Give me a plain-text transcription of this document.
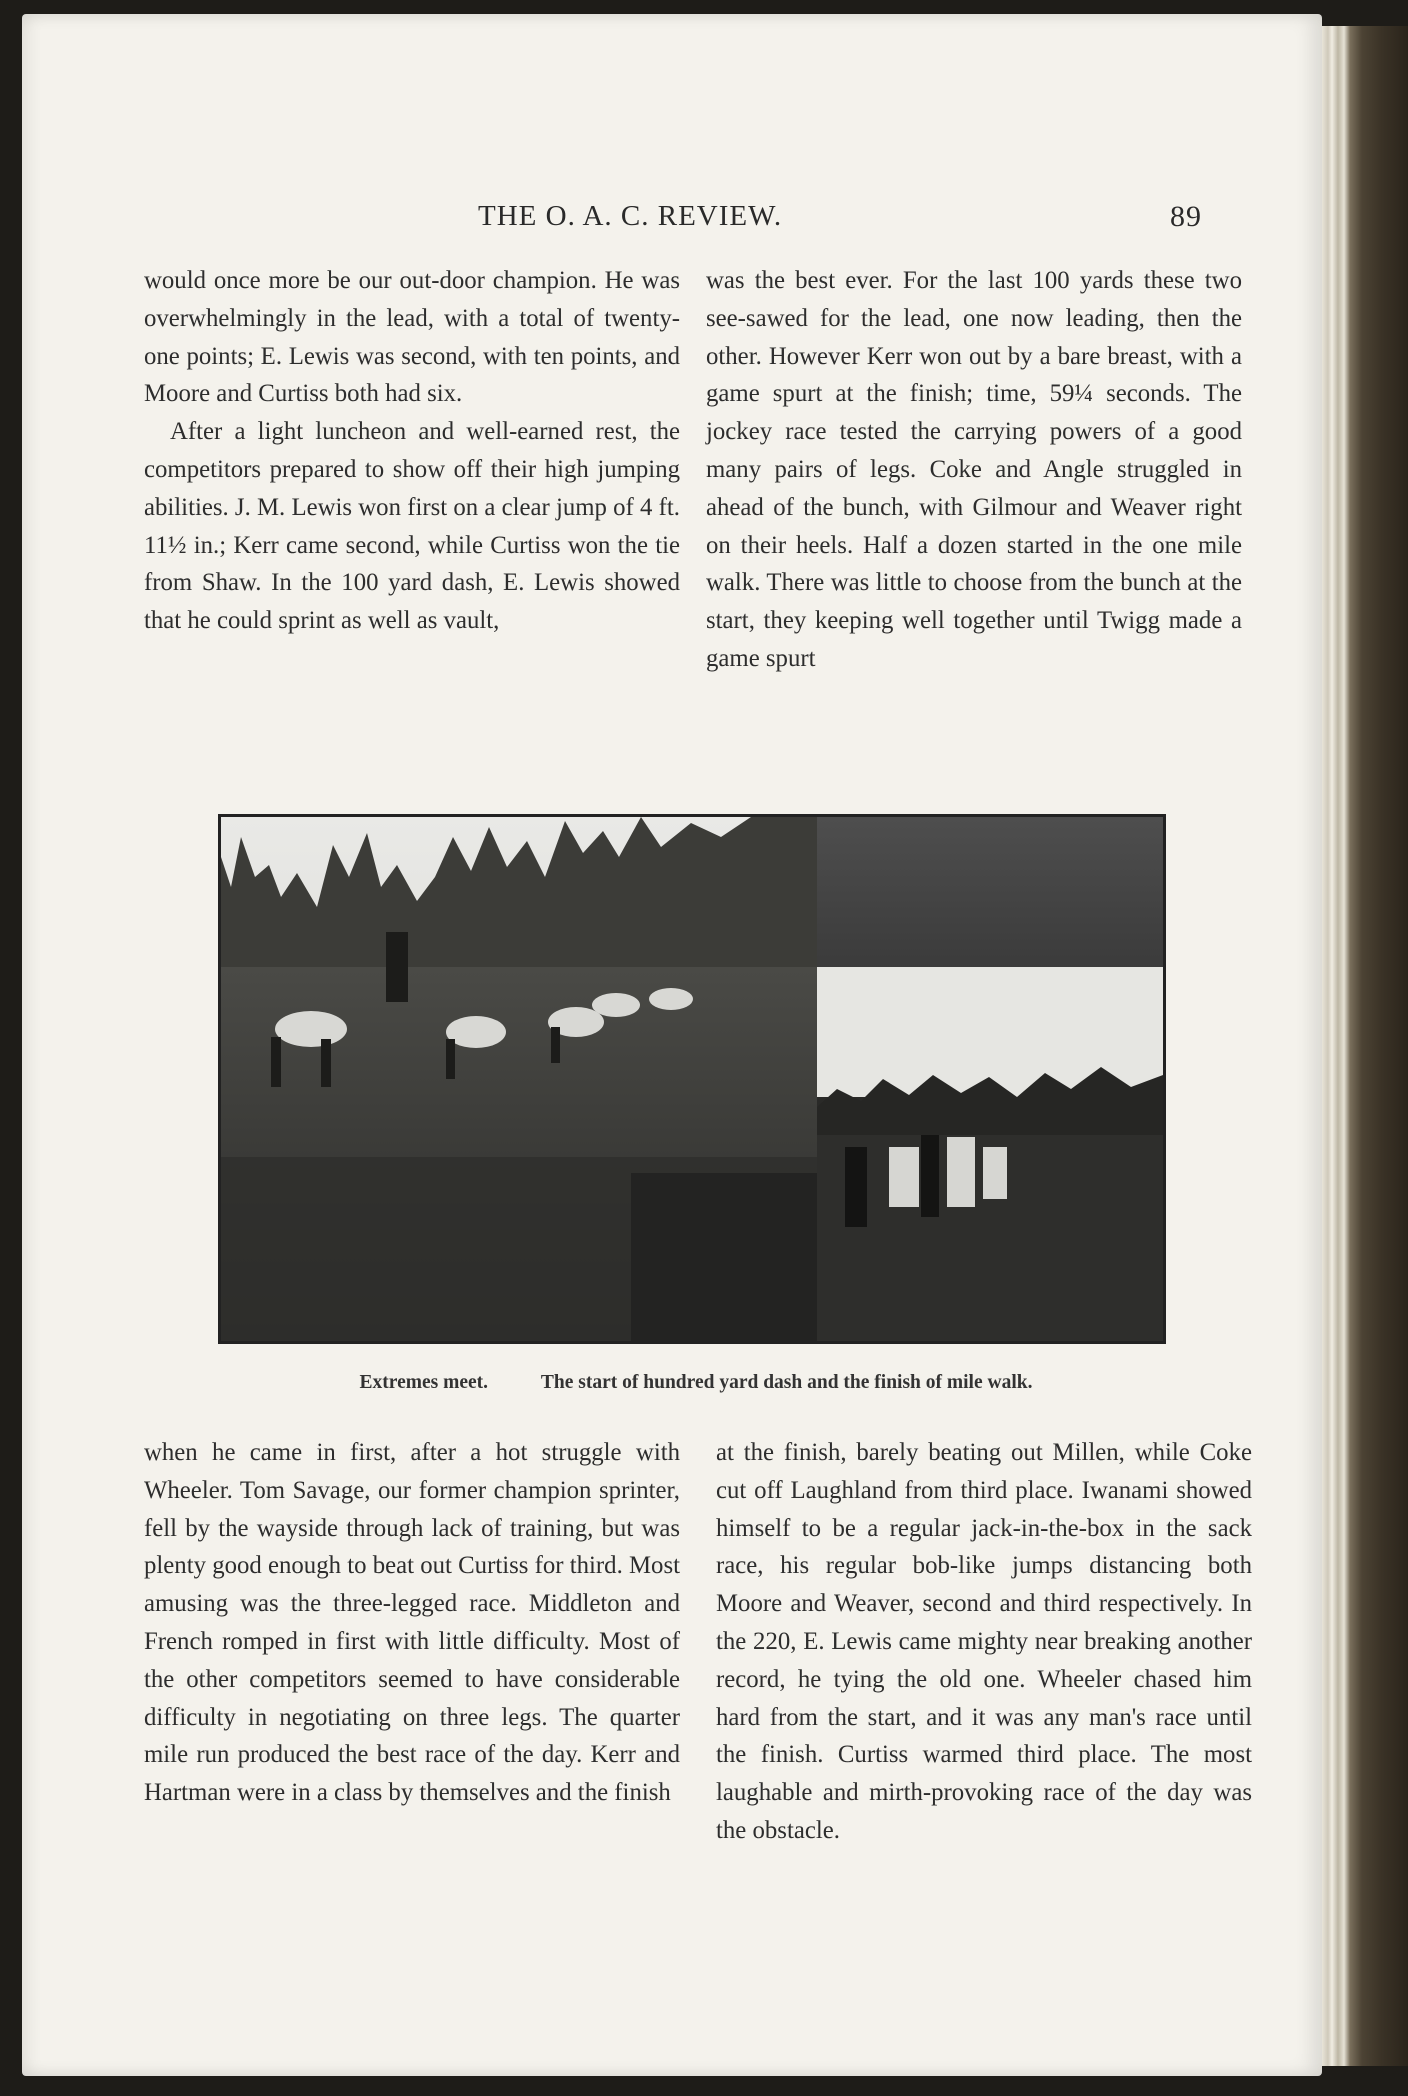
THE O. A. C. REVIEW.	89

would once more be our out-door champion. He was overwhelmingly in the lead, with a total of twenty-one points; E. Lewis was second, with ten points, and Moore and Curtiss both had six.

After a light luncheon and well-earned rest, the competitors prepared to show off their high jumping abilities. J. M. Lewis won first on a clear jump of 4 ft. 11½ in.; Kerr came second, while Curtiss won the tie from Shaw. In the 100 yard dash, E. Lewis showed that he could sprint as well as vault,

was the best ever. For the last 100 yards these two see-sawed for the lead, one now leading, then the other. However Kerr won out by a bare breast, with a game spurt at the finish; time, 59¼ seconds. The jockey race tested the carrying powers of a good many pairs of legs. Coke and Angle struggled in ahead of the bunch, with Gilmour and Weaver right on their heels. Half a dozen started in the one mile walk. There was little to choose from the bunch at the start, they keeping well together until Twigg made a game spurt

Extremes meet.	The start of hundred yard dash and the finish of mile walk.

when he came in first, after a hot struggle with Wheeler. Tom Savage, our former champion sprinter, fell by the wayside through lack of training, but was plenty good enough to beat out Curtiss for third. Most amusing was the three-legged race. Middleton and French romped in first with little difficulty. Most of the other competitors seemed to have considerable difficulty in negotiating on three legs. The quarter mile run produced the best race of the day. Kerr and Hartman were in a class by themselves and the finish

at the finish, barely beating out Millen, while Coke cut off Laughland from third place. Iwanami showed himself to be a regular jack-in-the-box in the sack race, his regular bob-like jumps distancing both Moore and Weaver, second and third respectively. In the 220, E. Lewis came mighty near breaking another record, he tying the old one. Wheeler chased him hard from the start, and it was any man's race until the finish. Curtiss warmed third place. The most laughable and mirth-provoking race of the day was the obstacle.
